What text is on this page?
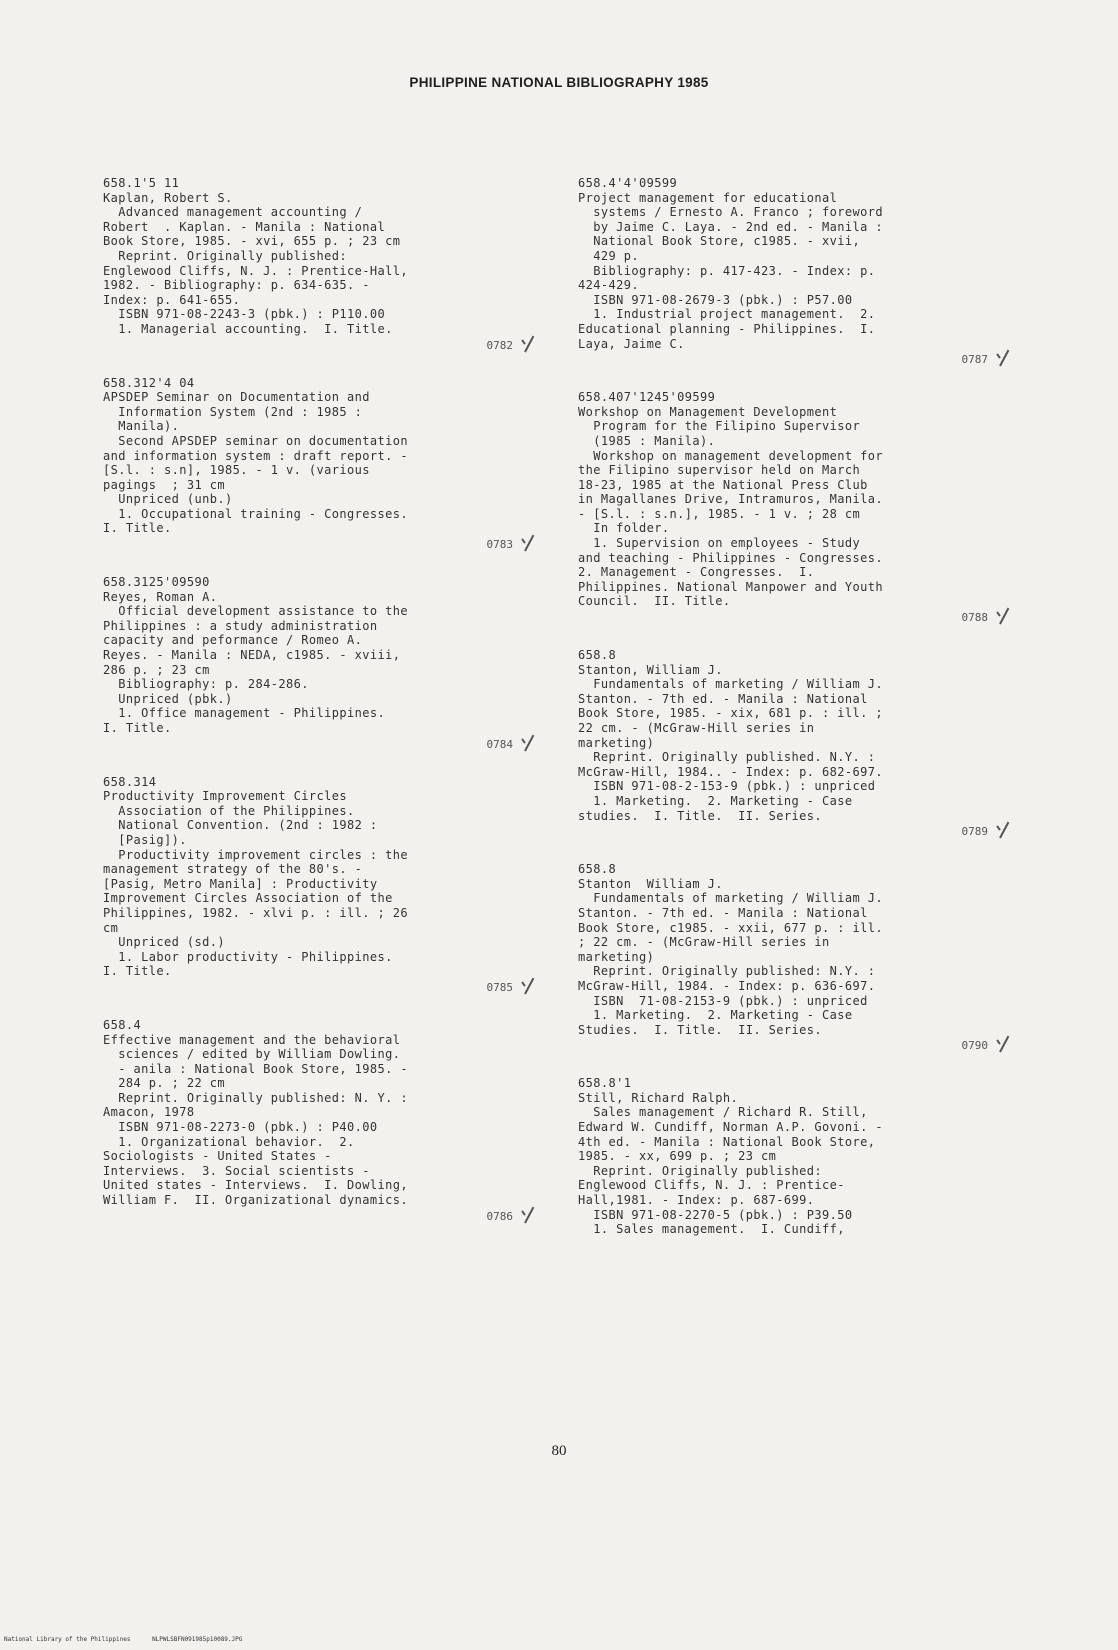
PHILIPPINE NATIONAL BIBLIOGRAPHY 1985
658.1'5 11
Kaplan, Robert S.
Advanced management accounting /
Robert  . Kaplan. - Manila : National
Book Store, 1985. - xvi, 655 p. ; 23 cm
Reprint. Originally published:
Englewood Cliffs, N. J. : Prentice-Hall,
1982. - Bibliography: p. 634-635. -
Index: p. 641-655.
ISBN 971-08-2243-3 (pbk.) : P110.00
1. Managerial accounting.  I. Title.
0782
658.312'4 04
APSDEP Seminar on Documentation and
Information System (2nd : 1985 :
Manila).
Second APSDEP seminar on documentation
and information system : draft report. -
[S.l. : s.n], 1985. - 1 v. (various
pagings  ; 31 cm
Unpriced (unb.)
1. Occupational training - Congresses.
I. Title.
0783
658.3125'09590
Reyes, Roman A.
Official development assistance to the
Philippines : a study administration
capacity and peformance / Romeo A.
Reyes. - Manila : NEDA, c1985. - xviii,
286 p. ; 23 cm
Bibliography: p. 284-286.
Unpriced (pbk.)
1. Office management - Philippines.
I. Title.
0784
658.314
Productivity Improvement Circles
Association of the Philippines.
National Convention. (2nd : 1982 :
[Pasig]).
Productivity improvement circles : the
management strategy of the 80's. -
[Pasig, Metro Manila] : Productivity
Improvement Circles Association of the
Philippines, 1982. - xlvi p. : ill. ; 26
cm
Unpriced (sd.)
1. Labor productivity - Philippines.
I. Title.
0785
658.4
Effective management and the behavioral
sciences / edited by William Dowling.
- anila : National Book Store, 1985. -
284 p. ; 22 cm
Reprint. Originally published: N. Y. :
Amacon, 1978
ISBN 971-08-2273-0 (pbk.) : P40.00
1. Organizational behavior.  2.
Sociologists - United States -
Interviews.  3. Social scientists -
United states - Interviews.  I. Dowling,
William F.  II. Organizational dynamics.
0786
658.4'4'09599
Project management for educational
systems / Ernesto A. Franco ; foreword
by Jaime C. Laya. - 2nd ed. - Manila :
National Book Store, c1985. - xvii,
429 p.
Bibliography: p. 417-423. - Index: p.
424-429.
ISBN 971-08-2679-3 (pbk.) : P57.00
1. Industrial project management.  2.
Educational planning - Philippines.  I.
Laya, Jaime C.
0787
658.407'1245'09599
Workshop on Management Development
Program for the Filipino Supervisor
(1985 : Manila).
Workshop on management development for
the Filipino supervisor held on March
18-23, 1985 at the National Press Club
in Magallanes Drive, Intramuros, Manila.
- [S.l. : s.n.], 1985. - 1 v. ; 28 cm
In folder.
1. Supervision on employees - Study
and teaching - Philippines - Congresses.
2. Management - Congresses.  I.
Philippines. National Manpower and Youth
Council.  II. Title.
0788
658.8
Stanton, William J.
Fundamentals of marketing / William J.
Stanton. - 7th ed. - Manila : National
Book Store, 1985. - xix, 681 p. : ill. ;
22 cm. - (McGraw-Hill series in
marketing)
Reprint. Originally published. N.Y. :
McGraw-Hill, 1984.. - Index: p. 682-697.
ISBN 971-08-2-153-9 (pbk.) : unpriced
1. Marketing.  2. Marketing - Case
studies.  I. Title.  II. Series.
0789
658.8
Stanton  William J.
Fundamentals of marketing / William J.
Stanton. - 7th ed. - Manila : National
Book Store, c1985. - xxii, 677 p. : ill.
; 22 cm. - (McGraw-Hill series in
marketing)
Reprint. Originally published: N.Y. :
McGraw-Hill, 1984. - Index: p. 636-697.
ISBN  71-08-2153-9 (pbk.) : unpriced
1. Marketing.  2. Marketing - Case
Studies.  I. Title.  II. Series.
0790
658.8'1
Still, Richard Ralph.
Sales management / Richard R. Still,
Edward W. Cundiff, Norman A.P. Govoni. -
4th ed. - Manila : National Book Store,
1985. - xx, 699 p. ; 23 cm
Reprint. Originally published:
Englewood Cliffs, N. J. : Prentice-
Hall,1981. - Index: p. 687-699.
ISBN 971-08-2270-5 (pbk.) : P39.50
1. Sales management.  I. Cundiff,
80
National Library of the Philippines	NLPWLSBFN091985p10089.JPG
